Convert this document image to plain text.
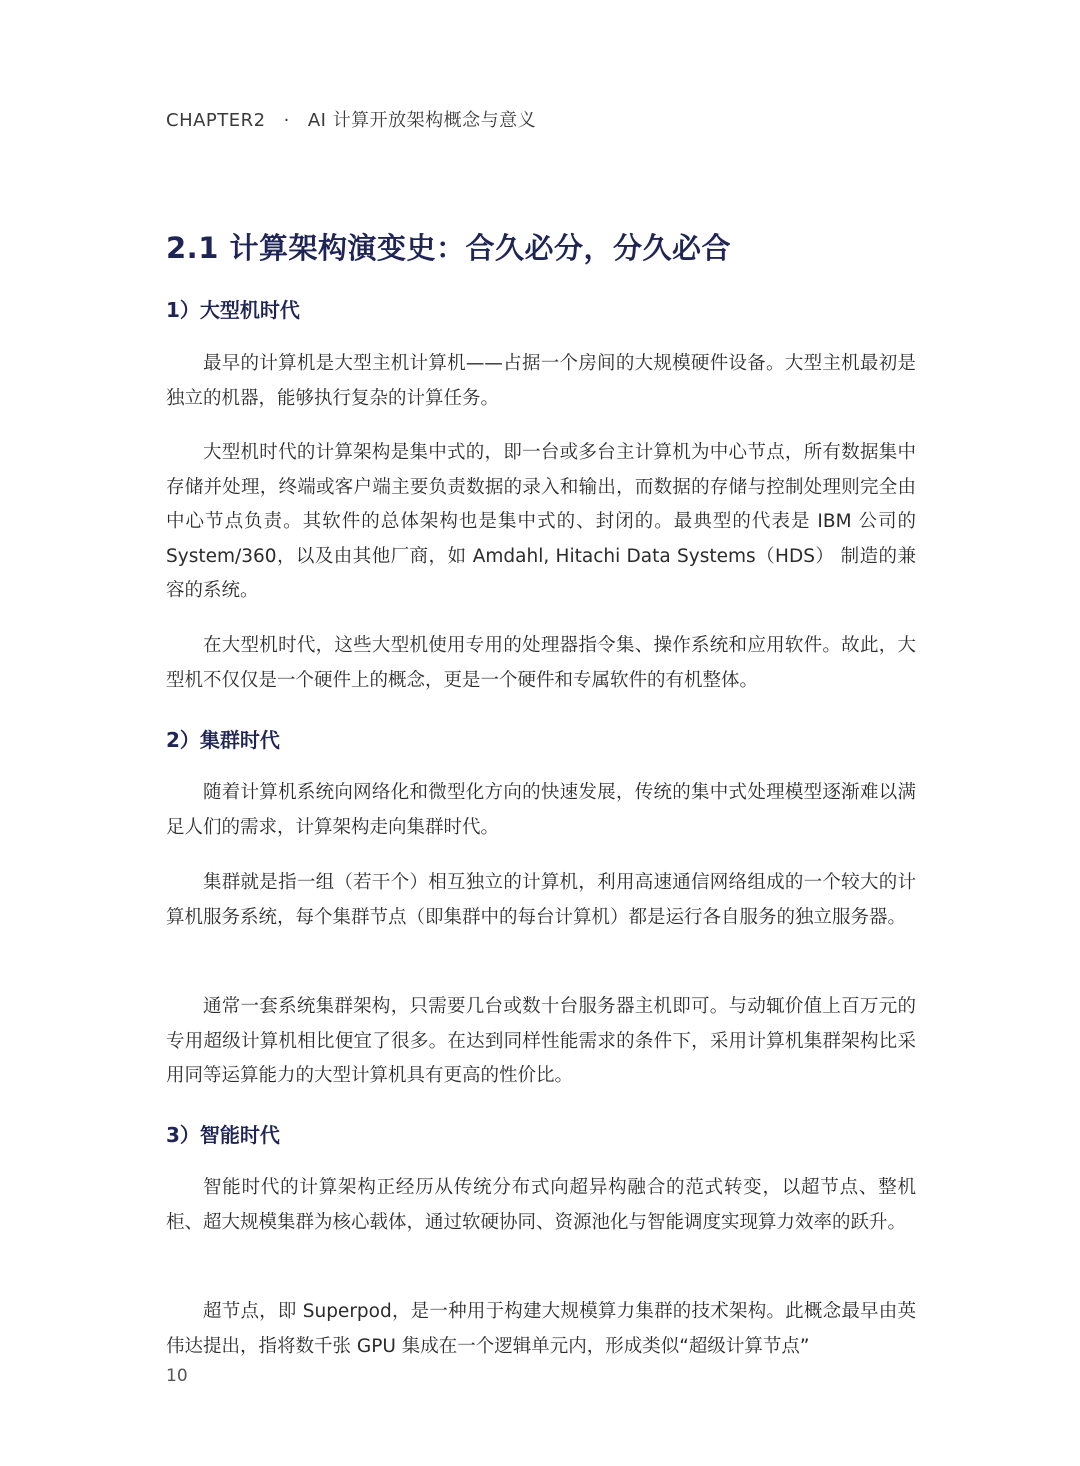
CHAPTER2 · AI 计算开放架构概念与意义
2.1 计算架构演变史：合久必分，分久必合
1）大型机时代
最早的计算机是大型主机计算机——占据一个房间的大规模硬件设备。大型主机最初是独立的机器，能够执行复杂的计算任务。
大型机时代的计算架构是集中式的，即一台或多台主计算机为中心节点，所有数据集中存储并处理，终端或客户端主要负责数据的录入和输出，而数据的存储与控制处理则完全由中心节点负责。其软件的总体架构也是集中式的、封闭的。最典型的代表是 IBM 公司的 System/360，以及由其他厂商，如 Amdahl, Hitachi Data Systems（HDS） 制造的兼容的系统。
在大型机时代，这些大型机使用专用的处理器指令集、操作系统和应用软件。故此，大型机不仅仅是一个硬件上的概念，更是一个硬件和专属软件的有机整体。
2）集群时代
随着计算机系统向网络化和微型化方向的快速发展，传统的集中式处理模型逐渐难以满足人们的需求，计算架构走向集群时代。
集群就是指一组（若干个）相互独立的计算机，利用高速通信网络组成的一个较大的计算机服务系统，每个集群节点（即集群中的每台计算机）都是运行各自服务的独立服务器。
通常一套系统集群架构，只需要几台或数十台服务器主机即可。与动辄价值上百万元的专用超级计算机相比便宜了很多。在达到同样性能需求的条件下，采用计算机集群架构比采用同等运算能力的大型计算机具有更高的性价比。
3）智能时代
智能时代的计算架构正经历从传统分布式向超异构融合的范式转变，以超节点、整机柜、超大规模集群为核心载体，通过软硬协同、资源池化与智能调度实现算力效率的跃升。
超节点，即 Superpod，是一种用于构建大规模算力集群的技术架构。此概念最早由英伟达提出，指将数千张 GPU 集成在一个逻辑单元内，形成类似“超级计算节点”
10
